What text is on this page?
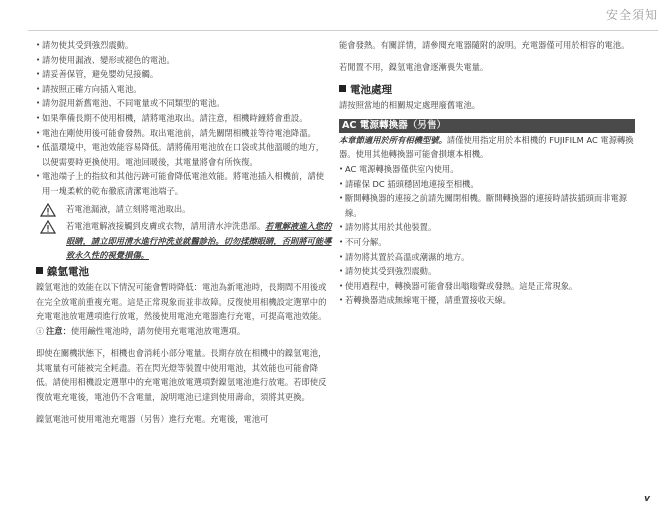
安全須知
• 請勿使其受到強烈震動。
• 請勿使用漏液、變形或褪色的電池。
• 請妥善保管，避免嬰幼兒接觸。
• 請按照正確方向插入電池。
• 請勿混用新舊電池、不同電量或不同類型的電池。
• 如果準備長期不使用相機，請將電池取出。請注意，相機時鐘將會重設。
• 電池在剛使用後可能會發熱。取出電池前，請先關閉相機並等待電池降溫。
• 低溫環境中，電池效能容易降低。請將備用電池放在口袋或其他溫暖的地方，以便需要時更換使用。電池回暖後，其電量將會有所恢復。
• 電池端子上的指紋和其他污跡可能會降低電池效能。將電池插入相機前，請使用一塊柔軟的乾布徹底清潔電池端子。
若電池漏液，請立刻將電池取出。
若電池電解液接觸到皮膚或衣物，請用清水沖洗患部。若電解液進入您的眼睛，請立即用清水進行沖洗並就醫診治。切勿揉擦眼睛，否則將可能導致永久性的視覺損傷。
鎳氫電池
鎳氫電池的效能在以下情況可能會暫時降低：電池為新電池時，長期間不用後或在完全放電前重複充電。這是正常現象而並非故障。反復使用相機設定選單中的充電電池放電選項進行放電，然後使用電池充電器進行充電，可提高電池效能。
ⓘ 注意：使用鹼性電池時，請勿使用充電電池放電選項。
即使在關機狀態下，相機也會消耗小部分電量。長期存放在相機中的鎳氫電池，其電量有可能被完全耗盡。若在閃光燈等裝置中使用電池，其效能也可能會降低。請使用相機設定選單中的充電電池放電選項對鎳氫電池進行放電。若即使反復放電充電後，電池仍不含電量，說明電池已達到使用壽命，須將其更換。
鎳氫電池可使用電池充電器（另售）進行充電。充電後，電池可
能會發熱。有關詳情，請參閱充電器隨附的說明。充電器僅可用於相容的電池。
若閒置不用，鎳氫電池會逐漸喪失電量。
電池處理
請按照當地的相關規定處理廢舊電池。
AC 電源轉換器（另售）
本章節適用於所有相機型號。請僅使用指定用於本相機的 FUJIFILM AC 電源轉換器。使用其他轉換器可能會損壞本相機。
• AC 電源轉換器僅供室內使用。
• 請確保 DC 插頭穩固地連接至相機。
• 斷開轉換器的連接之前請先關閉相機。斷開轉換器的連接時請拔插頭而非電源線。
• 請勿將其用於其他裝置。
• 不可分解。
• 請勿將其置於高溫或潮濕的地方。
• 請勿使其受到強烈震動。
• 使用過程中，轉換器可能會發出嗡嗡聲或發熱。這是正常現象。
• 若轉換器造成無線電干擾，請重置接收天線。
v
